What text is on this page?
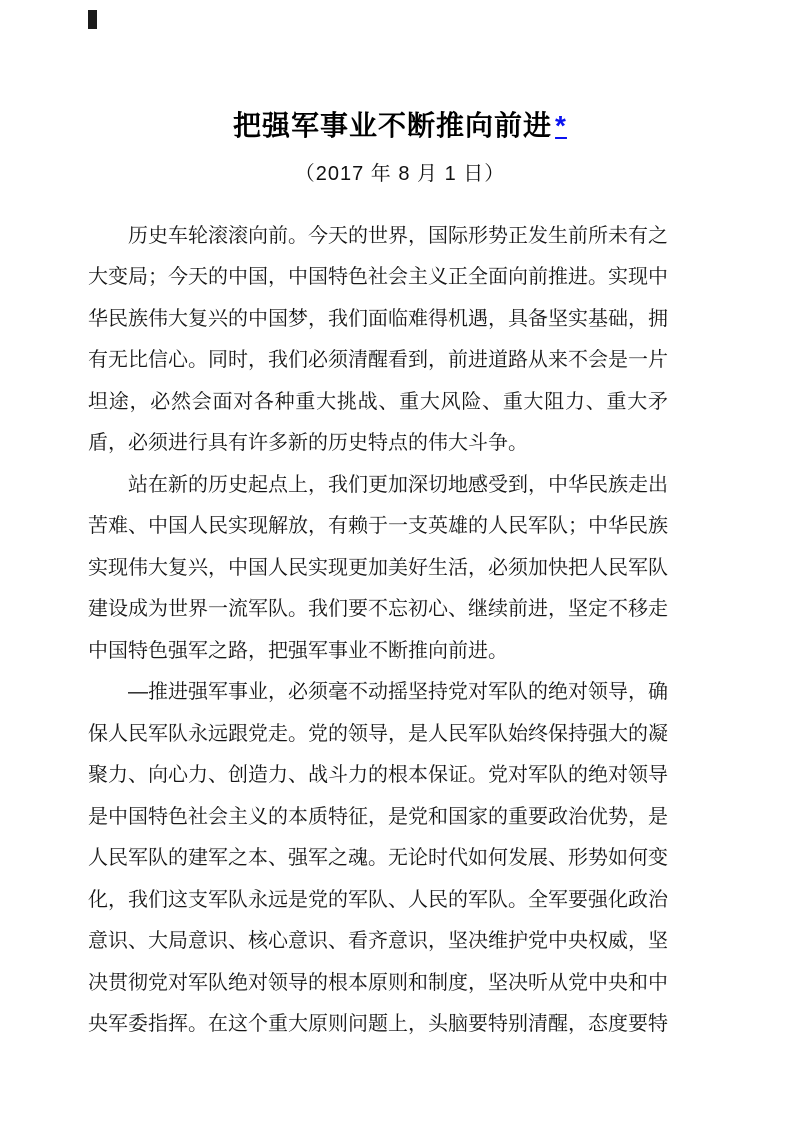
把强军事业不断推向前进 *
（2017 年 8 月 1 日）
历史车轮滚滚向前。今天的世界，国际形势正发生前所未有之
大变局；今天的中国，中国特色社会主义正全面向前推进。实现中
华民族伟大复兴的中国梦，我们面临难得机遇，具备坚实基础，拥
有无比信心。同时，我们必须清醒看到，前进道路从来不会是一片
坦途，必然会面对各种重大挑战、重大风险、重大阻力、重大矛
盾，必须进行具有许多新的历史特点的伟大斗争。
站在新的历史起点上，我们更加深切地感受到，中华民族走出
苦难、中国人民实现解放，有赖于一支英雄的人民军队；中华民族
实现伟大复兴，中国人民实现更加美好生活，必须加快把人民军队
建设成为世界一流军队。我们要不忘初心、继续前进，坚定不移走
中国特色强军之路，把强军事业不断推向前进。
—推进强军事业，必须毫不动摇坚持党对军队的绝对领导，确
保人民军队永远跟党走。党的领导，是人民军队始终保持强大的凝
聚力、向心力、创造力、战斗力的根本保证。党对军队的绝对领导
是中国特色社会主义的本质特征，是党和国家的重要政治优势，是
人民军队的建军之本、强军之魂。无论时代如何发展、形势如何变
化，我们这支军队永远是党的军队、人民的军队。全军要强化政治
意识、大局意识、核心意识、看齐意识，坚决维护党中央权威，坚
决贯彻党对军队绝对领导的根本原则和制度，坚决听从党中央和中
央军委指挥。在这个重大原则问题上，头脑要特别清醒，态度要特
